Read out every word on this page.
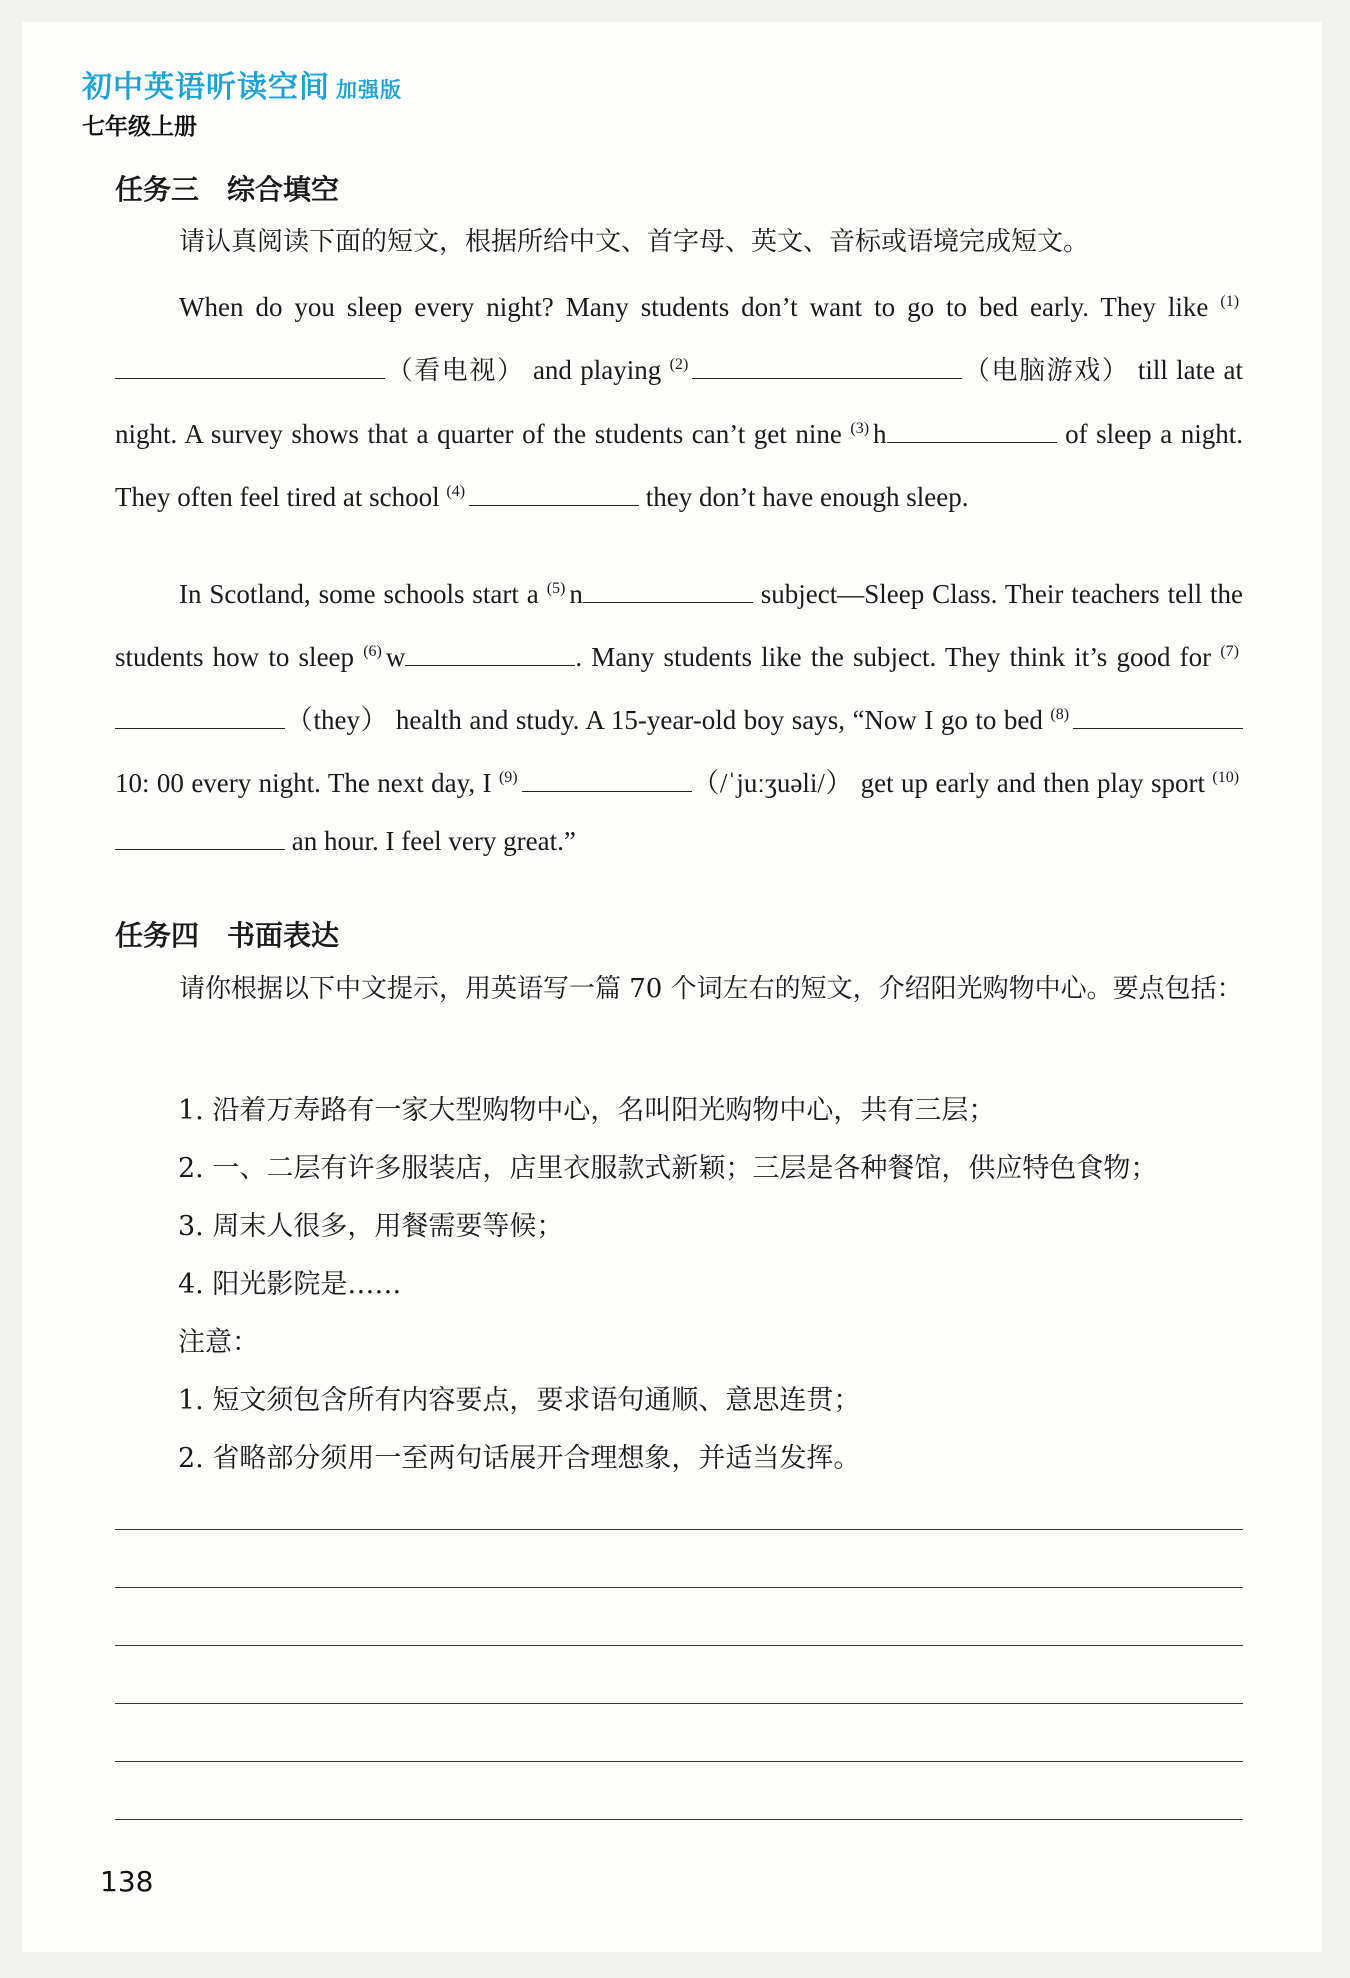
初中英语听读空间 加强版
七年级上册
任务三　综合填空
请认真阅读下面的短文，根据所给中文、首字母、英文、音标或语境完成短文。
When do you sleep every night? Many students don’t want to go to bed early. They like $^{(1)}$（看电视） and playing $^{(2)}$	（电脑游戏） till late at night. A survey shows that a quarter of the students can’t get nine $^{(3)}$ h	of sleep a night. They often feel tired at school $^{(4)}$	they don’t have enough sleep.
In Scotland, some schools start a $^{(5)}$ n	subject—Sleep Class. Their teachers tell the students how to sleep $^{(6)}$ w	. Many students like the subject. They think it’s good for $^{(7)}$（they） health and study. A 15-year-old boy says, “Now I go to bed $^{(8)}$ 10: 00 every night. The next day, I $^{(9)}$	（/ˈjuːʒuəli/） get up early and then play sport $^{(10)}$ an hour. I feel very great.”
任务四　书面表达
请你根据以下中文提示，用英语写一篇 70 个词左右的短文，介绍阳光购物中心。要点包括：
1. 沿着万寿路有一家大型购物中心，名叫阳光购物中心，共有三层；
2. 一、二层有许多服装店，店里衣服款式新颖；三层是各种餐馆，供应特色食物；
3. 周末人很多，用餐需要等候；
4. 阳光影院是……
注意：
1. 短文须包含所有内容要点，要求语句通顺、意思连贯；
2. 省略部分须用一至两句话展开合理想象，并适当发挥。
138
